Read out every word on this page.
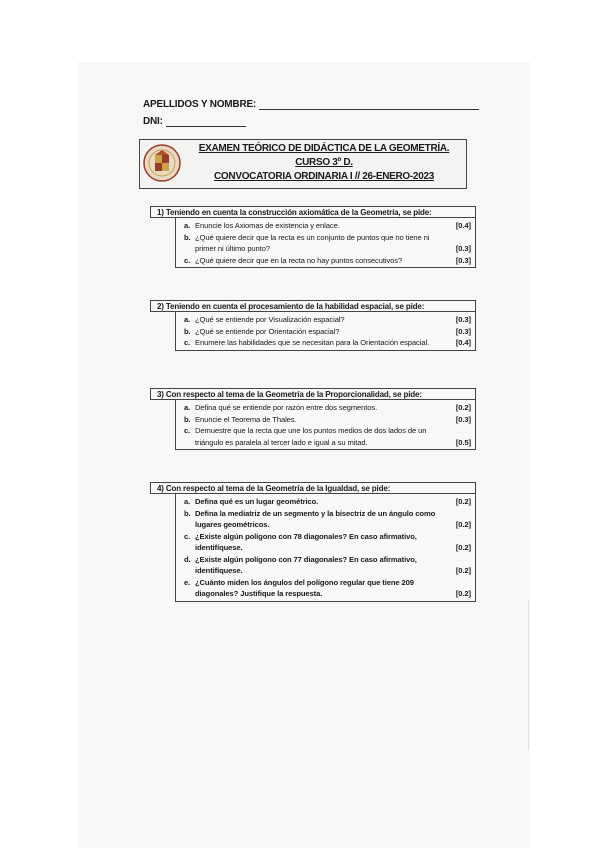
APELLIDOS Y NOMBRE:
DNI:
EXAMEN TEÓRICO DE DIDÁCTICA DE LA GEOMETRÍA.
CURSO 3º D.
CONVOCATORIA ORDINARIA I // 26-ENERO-2023
1) Teniendo en cuenta la construcción axiomática de la Geometría, se pide:
a. Enuncie los Axiomas de existencia y enlace.	[0.4]
b. ¿Qué quiere decir que la recta es un conjunto de puntos que no tiene ni primer ni último punto?	[0.3]
c. ¿Qué quiere decir que en la recta no hay puntos consecutivos?	[0.3]
2) Teniendo en cuenta el procesamiento de la habilidad espacial, se pide:
a. ¿Qué se entiende por Visualización espacial?	[0.3]
b. ¿Qué se entiende por Orientación espacial?	[0.3]
c. Enumere las habilidades que se necesitan para la Orientación espacial.	[0.4]
3) Con respecto al tema de la Geometría de la Proporcionalidad, se pide:
a. Defina qué se entiende por razón entre dos segmentos.	[0.2]
b. Enuncie el Teorema de Thales.	[0.3]
c. Demuestre que la recta que une los puntos medios de dos lados de un triángulo es paralela al tercer lado e igual a su mitad.	[0.5]
4) Con respecto al tema de la Geometría de la Igualdad, se pide:
a. Defina qué es un lugar geométrico.	[0.2]
b. Defina la mediatriz de un segmento y la bisectriz de un ángulo como lugares geométricos.	[0.2]
c. ¿Existe algún polígono con 78 diagonales? En caso afirmativo, identifíquese.	[0.2]
d. ¿Existe algún polígono con 77 diagonales? En caso afirmativo, identifíquese.	[0.2]
e. ¿Cuánto miden los ángulos del polígono regular que tiene 209 diagonales? Justifique la respuesta.	[0.2]
